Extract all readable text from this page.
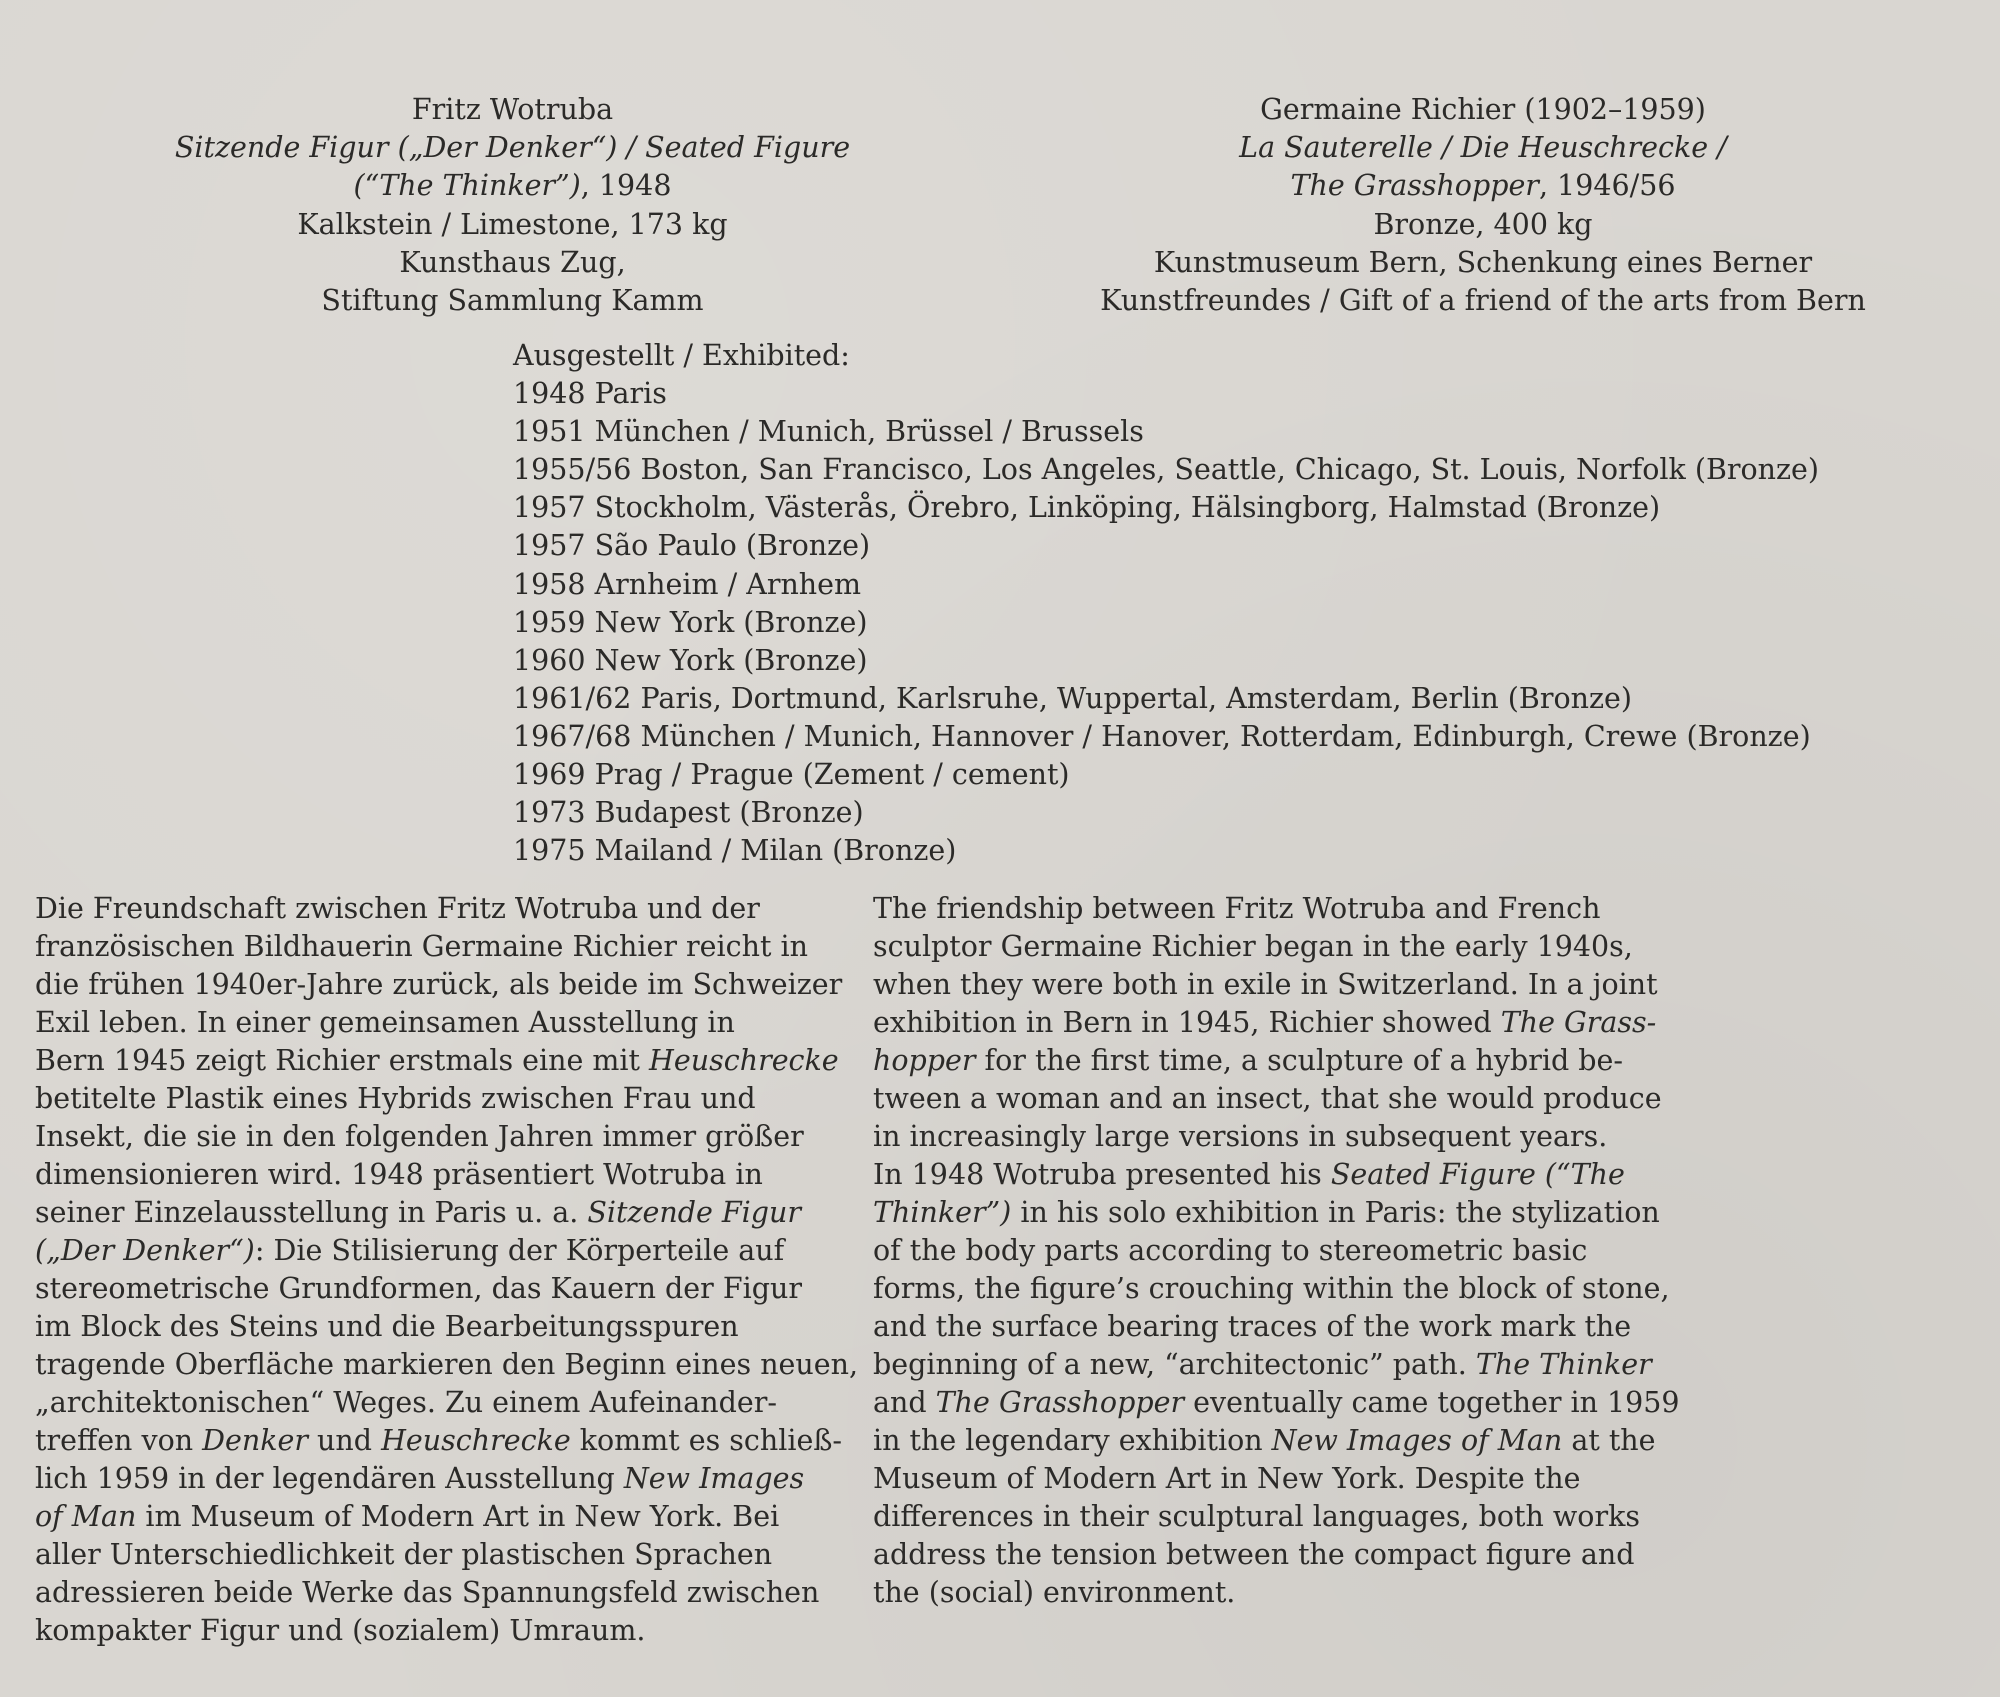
Fritz Wotruba
Sitzende Figur („Der Denker“) / Seated Figure
(“The Thinker”), 1948
Kalkstein / Limestone, 173 kg
Kunsthaus Zug,
Stiftung Sammlung Kamm
Germaine Richier (1902–1959)
La Sauterelle / Die Heuschrecke /
The Grasshopper, 1946/56
Bronze, 400 kg
Kunstmuseum Bern, Schenkung eines Berner
Kunstfreundes / Gift of a friend of the arts from Bern
Ausgestellt / Exhibited:
1948 Paris
1951 München / Munich, Brüssel / Brussels
1955/56 Boston, San Francisco, Los Angeles, Seattle, Chicago, St. Louis, Norfolk (Bronze)
1957 Stockholm, Västerås, Örebro, Linköping, Hälsingborg, Halmstad (Bronze)
1957 São Paulo (Bronze)
1958 Arnheim / Arnhem
1959 New York (Bronze)
1960 New York (Bronze)
1961/62 Paris, Dortmund, Karlsruhe, Wuppertal, Amsterdam, Berlin (Bronze)
1967/68 München / Munich, Hannover / Hanover, Rotterdam, Edinburgh, Crewe (Bronze)
1969 Prag / Prague (Zement / cement)
1973 Budapest (Bronze)
1975 Mailand / Milan (Bronze)
Die Freundschaft zwischen Fritz Wotruba und der
französischen Bildhauerin Germaine Richier reicht in
die frühen 1940er-Jahre zurück, als beide im Schweizer
Exil leben. In einer gemeinsamen Ausstellung in
Bern 1945 zeigt Richier erstmals eine mit Heuschrecke
betitelte Plastik eines Hybrids zwischen Frau und
Insekt, die sie in den folgenden Jahren immer größer
dimensionieren wird. 1948 präsentiert Wotruba in
seiner Einzelausstellung in Paris u. a. Sitzende Figur
(„Der Denker“): Die Stilisierung der Körperteile auf
stereometrische Grundformen, das Kauern der Figur
im Block des Steins und die Bearbeitungsspuren
tragende Oberfläche markieren den Beginn eines neuen,
„architektonischen“ Weges. Zu einem Aufeinander-
treffen von Denker und Heuschrecke kommt es schließ-
lich 1959 in der legendären Ausstellung New Images
of Man im Museum of Modern Art in New York. Bei
aller Unterschiedlichkeit der plastischen Sprachen
adressieren beide Werke das Spannungsfeld zwischen
kompakter Figur und (sozialem) Umraum.
The friendship between Fritz Wotruba and French
sculptor Germaine Richier began in the early 1940s,
when they were both in exile in Switzerland. In a joint
exhibition in Bern in 1945, Richier showed The Grass-
hopper for the first time, a sculpture of a hybrid be-
tween a woman and an insect, that she would produce
in increasingly large versions in subsequent years.
In 1948 Wotruba presented his Seated Figure (“The
Thinker”) in his solo exhibition in Paris: the stylization
of the body parts according to stereometric basic
forms, the figure’s crouching within the block of stone,
and the surface bearing traces of the work mark the
beginning of a new, “architectonic” path. The Thinker
and The Grasshopper eventually came together in 1959
in the legendary exhibition New Images of Man at the
Museum of Modern Art in New York. Despite the
differences in their sculptural languages, both works
address the tension between the compact figure and
the (social) environment.
